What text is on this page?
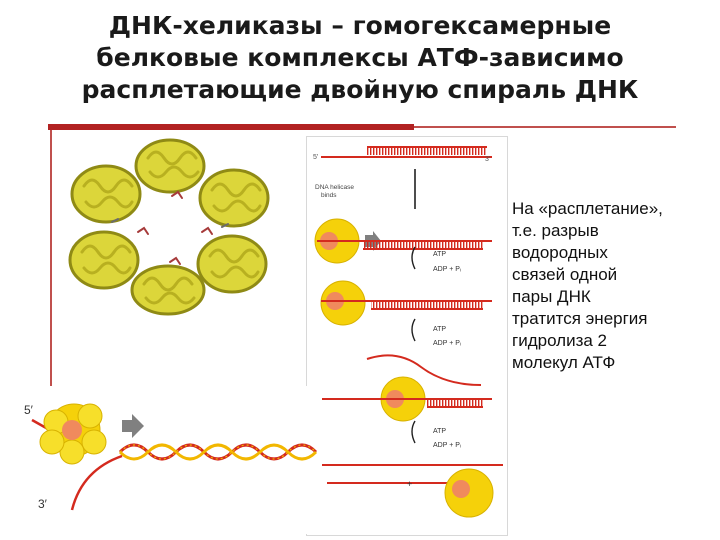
ДНК-хеликазы – гомогексамерные
белковые комплексы АТФ-зависимо
расплетающие двойную спираль ДНК
5'	3'
DNA helicase
binds
ATP
ADP + Pᵢ
ATP
ADP + Pᵢ
ATP
ADP + Pᵢ
+
5′
3′
На «расплетание»,
т.е. разрыв
водородных
связей одной
пары ДНК
тратится энергия
гидролиза 2
молекул АТФ
